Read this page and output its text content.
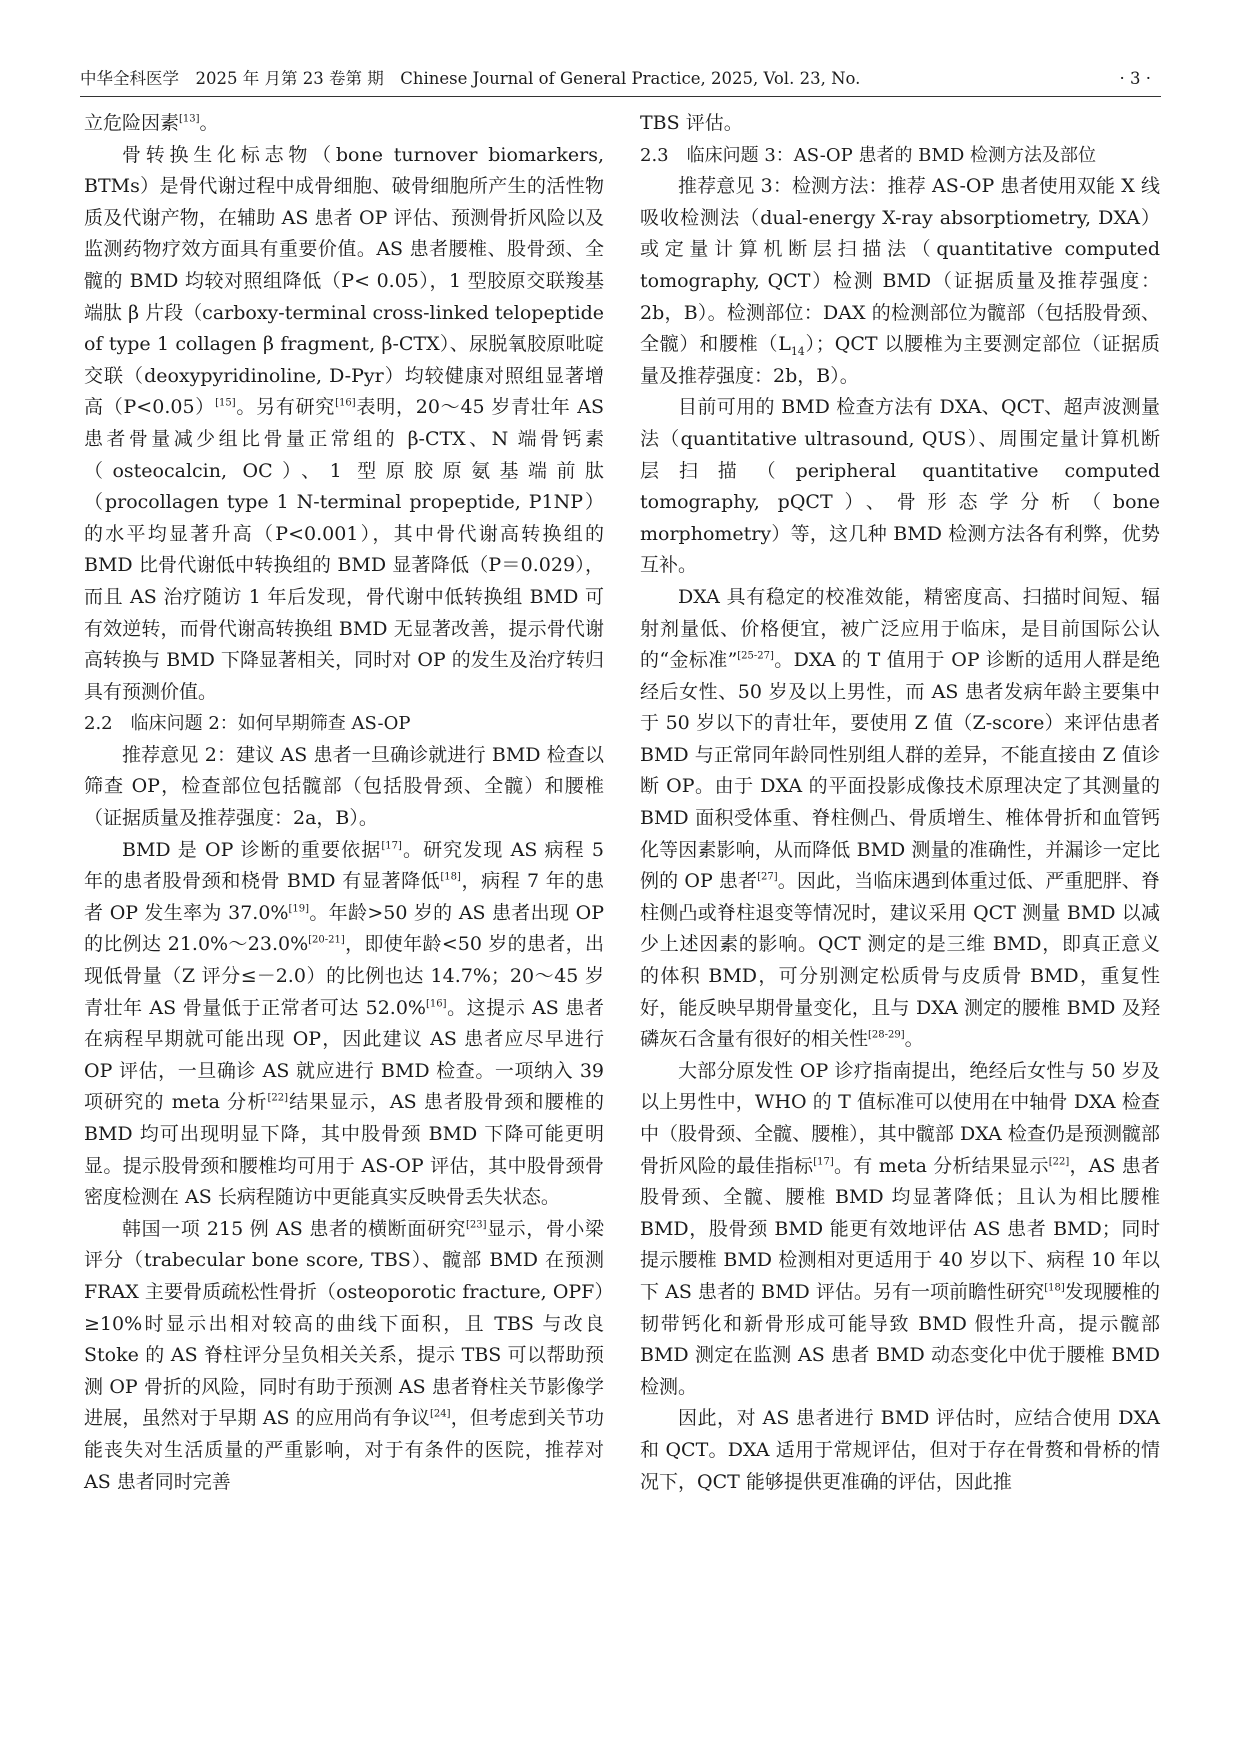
中华全科医学　2025 年 月第 23 卷第 期　Chinese Journal of General Practice, 2025, Vol. 23, No.	· 3 ·

立危险因素[13]。

骨转换生化标志物（bone turnover biomarkers, BTMs）是骨代谢过程中成骨细胞、破骨细胞所产生的活性物质及代谢产物，在辅助 AS 患者 OP 评估、预测骨折风险以及监测药物疗效方面具有重要价值。AS 患者腰椎、股骨颈、全髋的 BMD 均较对照组降低（P< 0.05），1 型胶原交联羧基端肽 β 片段（carboxy-terminal cross-linked telopeptide of type 1 collagen β fragment, β-CTX）、尿脱氧胶原吡啶交联（deoxypyridinoline, D-Pyr）均较健康对照组显著增高（P<0.05）[15]。另有研究[16]表明，20～45 岁青壮年 AS 患者骨量减少组比骨量正常组的 β-CTX、N 端骨钙素（osteocalcin, OC）、1 型原胶原氨基端前肽（procollagen type 1 N-terminal propeptide, P1NP）的水平均显著升高（P<0.001），其中骨代谢高转换组的 BMD 比骨代谢低中转换组的 BMD 显著降低（P＝0.029），而且 AS 治疗随访 1 年后发现，骨代谢中低转换组 BMD 可有效逆转，而骨代谢高转换组 BMD 无显著改善，提示骨代谢高转换与 BMD 下降显著相关，同时对 OP 的发生及治疗转归具有预测价值。

2.2　临床问题 2：如何早期筛查 AS-OP

推荐意见 2：建议 AS 患者一旦确诊就进行 BMD 检查以筛查 OP，检查部位包括髋部（包括股骨颈、全髋）和腰椎（证据质量及推荐强度：2a，B）。

BMD 是 OP 诊断的重要依据[17]。研究发现 AS 病程 5 年的患者股骨颈和桡骨 BMD 有显著降低[18]，病程 7 年的患者 OP 发生率为 37.0%[19]。年龄>50 岁的 AS 患者出现 OP 的比例达 21.0%～23.0%[20-21]，即使年龄<50 岁的患者，出现低骨量（Z 评分≤－2.0）的比例也达 14.7%；20～45 岁青壮年 AS 骨量低于正常者可达 52.0%[16]。这提示 AS 患者在病程早期就可能出现 OP，因此建议 AS 患者应尽早进行 OP 评估，一旦确诊 AS 就应进行 BMD 检查。一项纳入 39 项研究的 meta 分析[22]结果显示，AS 患者股骨颈和腰椎的 BMD 均可出现明显下降，其中股骨颈 BMD 下降可能更明显。提示股骨颈和腰椎均可用于 AS-OP 评估，其中股骨颈骨密度检测在 AS 长病程随访中更能真实反映骨丢失状态。

韩国一项 215 例 AS 患者的横断面研究[23]显示，骨小梁评分（trabecular bone score, TBS）、髋部 BMD 在预测 FRAX 主要骨质疏松性骨折（osteoporotic fracture, OPF）≥10%时显示出相对较高的曲线下面积，且 TBS 与改良 Stoke 的 AS 脊柱评分呈负相关关系，提示 TBS 可以帮助预测 OP 骨折的风险，同时有助于预测 AS 患者脊柱关节影像学进展，虽然对于早期 AS 的应用尚有争议[24]，但考虑到关节功能丧失对生活质量的严重影响，对于有条件的医院，推荐对 AS 患者同时完善

TBS 评估。

2.3　临床问题 3：AS-OP 患者的 BMD 检测方法及部位

推荐意见 3：检测方法：推荐 AS-OP 患者使用双能 X 线吸收检测法（dual-energy X-ray absorptiometry, DXA）或定量计算机断层扫描法（quantitative computed tomography, QCT）检测 BMD（证据质量及推荐强度：2b，B）。检测部位：DAX 的检测部位为髋部（包括股骨颈、全髋）和腰椎$(L_{14})$；QCT 以腰椎为主要测定部位（证据质量及推荐强度：2b，B）。

目前可用的 BMD 检查方法有 DXA、QCT、超声波测量法（quantitative ultrasound, QUS）、周围定量计算机断层扫描（peripheral quantitative computed tomography, pQCT）、骨形态学分析（bone morphometry）等，这几种 BMD 检测方法各有利弊，优势互补。

DXA 具有稳定的校准效能，精密度高、扫描时间短、辐射剂量低、价格便宜，被广泛应用于临床，是目前国际公认的“金标准”[25-27]。DXA 的 T 值用于 OP 诊断的适用人群是绝经后女性、50 岁及以上男性，而 AS 患者发病年龄主要集中于 50 岁以下的青壮年，要使用 Z 值（Z-score）来评估患者 BMD 与正常同年龄同性别组人群的差异，不能直接由 Z 值诊断 OP。由于 DXA 的平面投影成像技术原理决定了其测量的 BMD 面积受体重、脊柱侧凸、骨质增生、椎体骨折和血管钙化等因素影响，从而降低 BMD 测量的准确性，并漏诊一定比例的 OP 患者[27]。因此，当临床遇到体重过低、严重肥胖、脊柱侧凸或脊柱退变等情况时，建议采用 QCT 测量 BMD 以减少上述因素的影响。QCT 测定的是三维 BMD，即真正意义的体积 BMD，可分别测定松质骨与皮质骨 BMD，重复性好，能反映早期骨量变化，且与 DXA 测定的腰椎 BMD 及羟磷灰石含量有很好的相关性[28-29]。

大部分原发性 OP 诊疗指南提出，绝经后女性与 50 岁及以上男性中，WHO 的 T 值标准可以使用在中轴骨 DXA 检查中（股骨颈、全髋、腰椎），其中髋部 DXA 检查仍是预测髋部骨折风险的最佳指标[17]。有 meta 分析结果显示[22]，AS 患者股骨颈、全髋、腰椎 BMD 均显著降低；且认为相比腰椎 BMD，股骨颈 BMD 能更有效地评估 AS 患者 BMD；同时提示腰椎 BMD 检测相对更适用于 40 岁以下、病程 10 年以下 AS 患者的 BMD 评估。另有一项前瞻性研究[18]发现腰椎的韧带钙化和新骨形成可能导致 BMD 假性升高，提示髋部 BMD 测定在监测 AS 患者 BMD 动态变化中优于腰椎 BMD 检测。

因此，对 AS 患者进行 BMD 评估时，应结合使用 DXA 和 QCT。DXA 适用于常规评估，但对于存在骨赘和骨桥的情况下，QCT 能够提供更准确的评估，因此推
